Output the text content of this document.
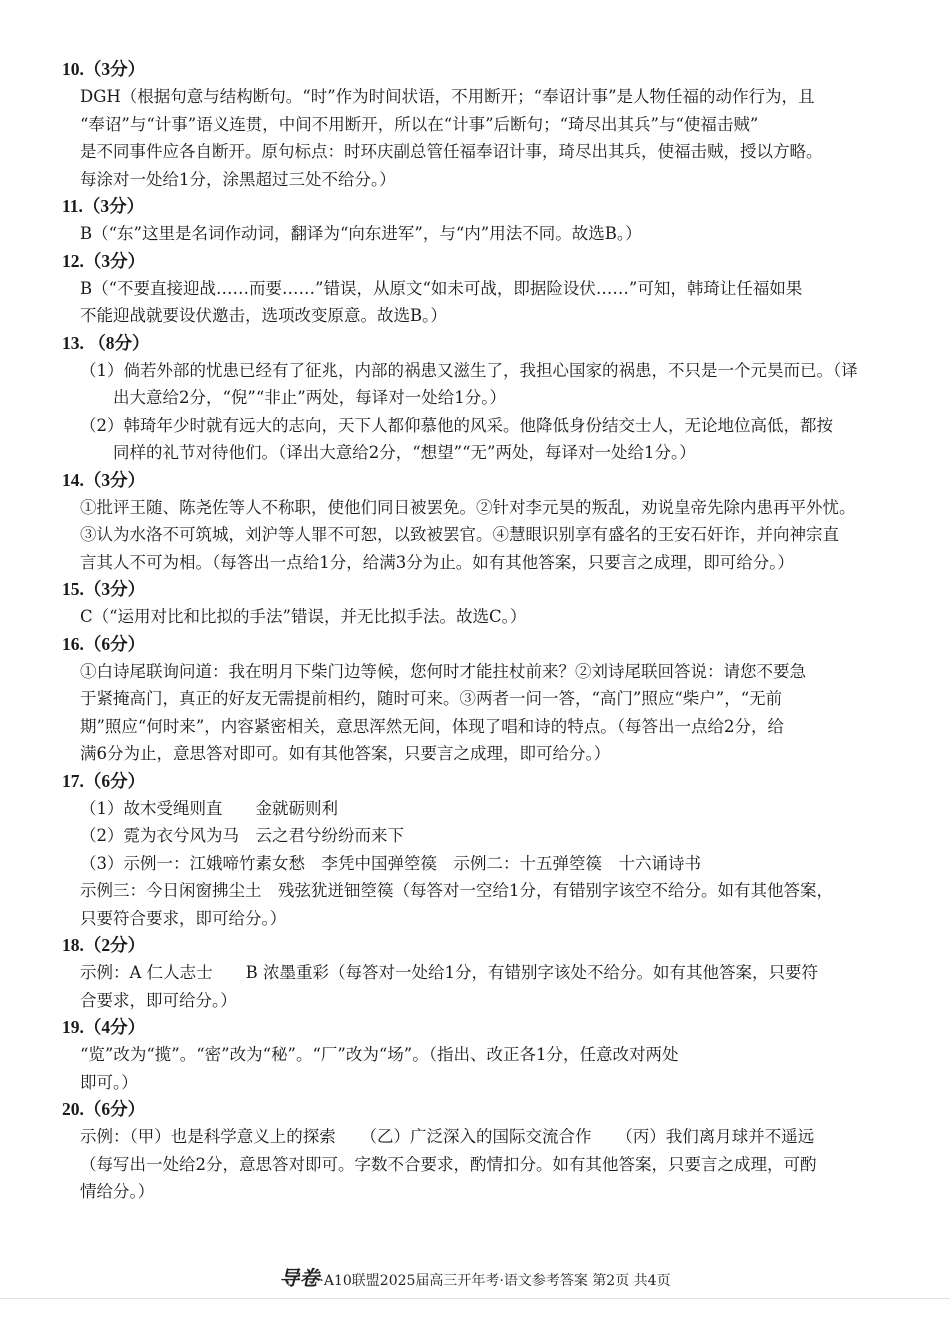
10.（3分）
DGH（根据句意与结构断句。“时”作为时间状语，不用断开；“奉诏计事”是人物任福的动作行为，且
“奉诏”与“计事”语义连贯，中间不用断开，所以在“计事”后断句；“琦尽出其兵”与“使福击贼”
是不同事件应各自断开。原句标点：时环庆副总管任福奉诏计事，琦尽出其兵，使福击贼，授以方略。
每涂对一处给1分，涂黑超过三处不给分。）
11.（3分）
B（“东”这里是名词作动词，翻译为“向东进军”，与“内”用法不同。故选B。）
12.（3分）
B（“不要直接迎战……而要……”错误，从原文“如未可战，即据险设伏……”可知，韩琦让任福如果
不能迎战就要设伏邀击，选项改变原意。故选B。）
13. （8分）
（1）倘若外部的忧患已经有了征兆，内部的祸患又滋生了，我担心国家的祸患，不只是一个元昊而已。（译
　　出大意给2分，“倪”“非止”两处，每译对一处给1分。）
（2）韩琦年少时就有远大的志向，天下人都仰慕他的风采。他降低身份结交士人，无论地位高低，都按
　　同样的礼节对待他们。（译出大意给2分，“想望”“无”两处，每译对一处给1分。）
14.（3分）
①批评王随、陈尧佐等人不称职，使他们同日被罢免。②针对李元昊的叛乱，劝说皇帝先除内患再平外忧。
③认为水洛不可筑城，刘沪等人罪不可恕，以致被罢官。④慧眼识别享有盛名的王安石奸诈，并向神宗直
言其人不可为相。（每答出一点给1分，给满3分为止。如有其他答案，只要言之成理，即可给分。）
15.（3分）
C（“运用对比和比拟的手法”错误，并无比拟手法。故选C。）
16.（6分）
①白诗尾联询问道：我在明月下柴门边等候，您何时才能拄杖前来？②刘诗尾联回答说：请您不要急
于紧掩高门，真正的好友无需提前相约，随时可来。③两者一问一答，“高门”照应“柴户”，“无前
期”照应“何时来”，内容紧密相关，意思浑然无间，体现了唱和诗的特点。（每答出一点给2分，给
满6分为止，意思答对即可。如有其他答案，只要言之成理，即可给分。）
17.（6分）
（1）故木受绳则直　　金就砺则利
（2）霓为衣兮风为马　云之君兮纷纷而来下
（3）示例一：江娥啼竹素女愁　李凭中国弹箜篌　示例二：十五弹箜篌　十六诵诗书
示例三：今日闲窗拂尘土　残弦犹迸钿箜篌（每答对一空给1分，有错别字该空不给分。如有其他答案，
只要符合要求，即可给分。）
18.（2分）
示例：A 仁人志士　　B 浓墨重彩（每答对一处给1分，有错别字该处不给分。如有其他答案，只要符
合要求，即可给分。）
19.（4分）
“览”改为“揽”。“密”改为“秘”。“厂”改为“场”。（指出、改正各1分，任意改对两处
即可。）
20.（6分）
示例：（甲）也是科学意义上的探索　　（乙）广泛深入的国际交流合作　　（丙）我们离月球并不遥远
（每写出一处给2分，意思答对即可。字数不合要求，酌情扣分。如有其他答案，只要言之成理，可酌
情给分。）
导卷·A10联盟2025届高三开年考·语文参考答案 第2页 共4页
